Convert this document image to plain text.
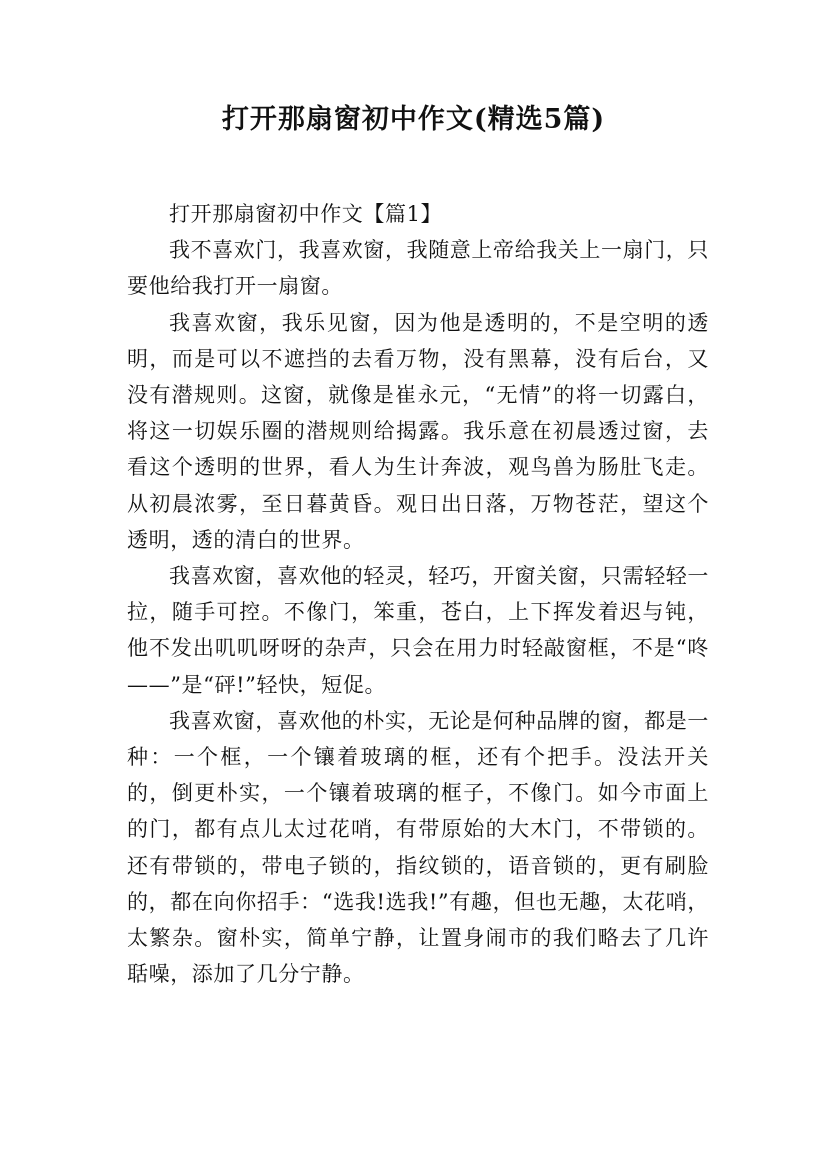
打开那扇窗初中作文(精选5篇)
打开那扇窗初中作文【篇1】

我不喜欢门，我喜欢窗，我随意上帝给我关上一扇门，只要他给我打开一扇窗。

我喜欢窗，我乐见窗，因为他是透明的，不是空明的透明，而是可以不遮挡的去看万物，没有黑幕，没有后台，又没有潜规则。这窗，就像是崔永元，“无情”的将一切露白，将这一切娱乐圈的潜规则给揭露。我乐意在初晨透过窗，去看这个透明的世界，看人为生计奔波，观鸟兽为肠肚飞走。从初晨浓雾，至日暮黄昏。观日出日落，万物苍茫，望这个透明，透的清白的世界。

我喜欢窗，喜欢他的轻灵，轻巧，开窗关窗，只需轻轻一拉，随手可控。不像门，笨重，苍白，上下挥发着迟与钝，他不发出叽叽呀呀的杂声，只会在用力时轻敲窗框，不是“咚——”是“砰!”轻快，短促。

我喜欢窗，喜欢他的朴实，无论是何种品牌的窗，都是一种：一个框，一个镶着玻璃的框，还有个把手。没法开关的，倒更朴实，一个镶着玻璃的框子，不像门。如今市面上的门，都有点儿太过花哨，有带原始的大木门，不带锁的。还有带锁的，带电子锁的，指纹锁的，语音锁的，更有刷脸的，都在向你招手：“选我!选我!”有趣，但也无趣，太花哨，太繁杂。窗朴实，简单宁静，让置身闹市的我们略去了几许聒噪，添加了几分宁静。
